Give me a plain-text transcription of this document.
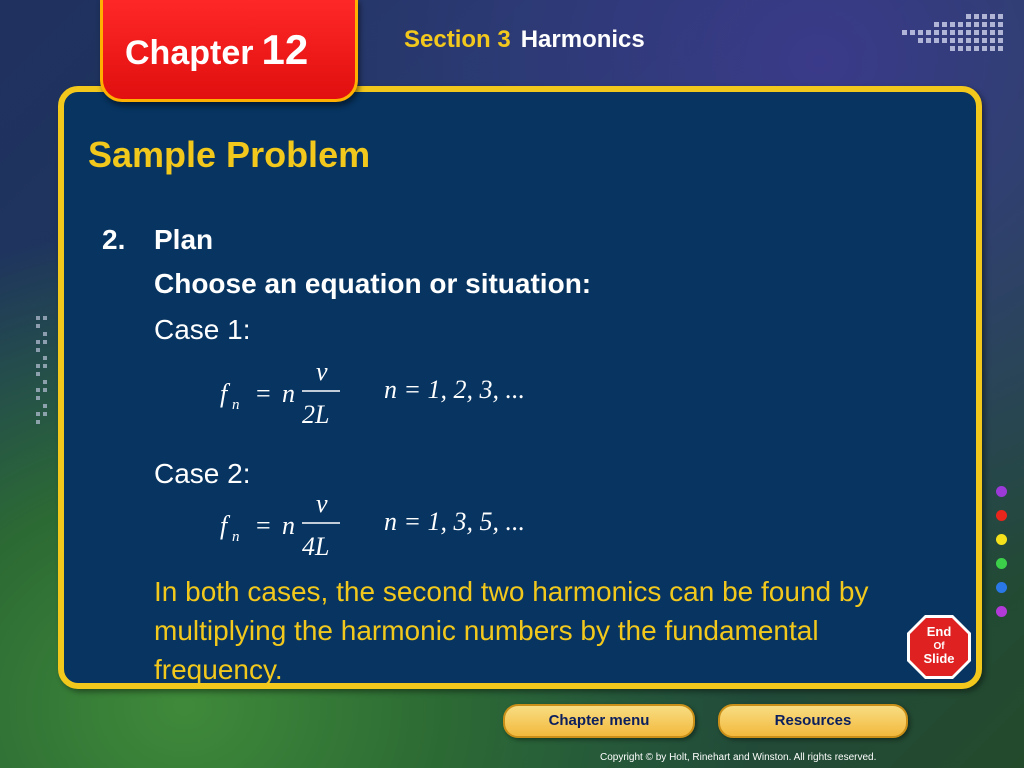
Chapter 12	Section 3 Harmonics
Sample Problem
2. Plan
Choose an equation or situation:
Case 1:
f n = n
v
2L
n = 1, 2, 3, ...
Case 2:
f n = n
v
4L
n = 1, 3, 5, ...
In both cases, the second two harmonics can be found by multiplying the harmonic numbers by the fundamental frequency.
End
Of
Slide
Chapter menu	Resources
Copyright © by Holt, Rinehart and Winston. All rights reserved.
